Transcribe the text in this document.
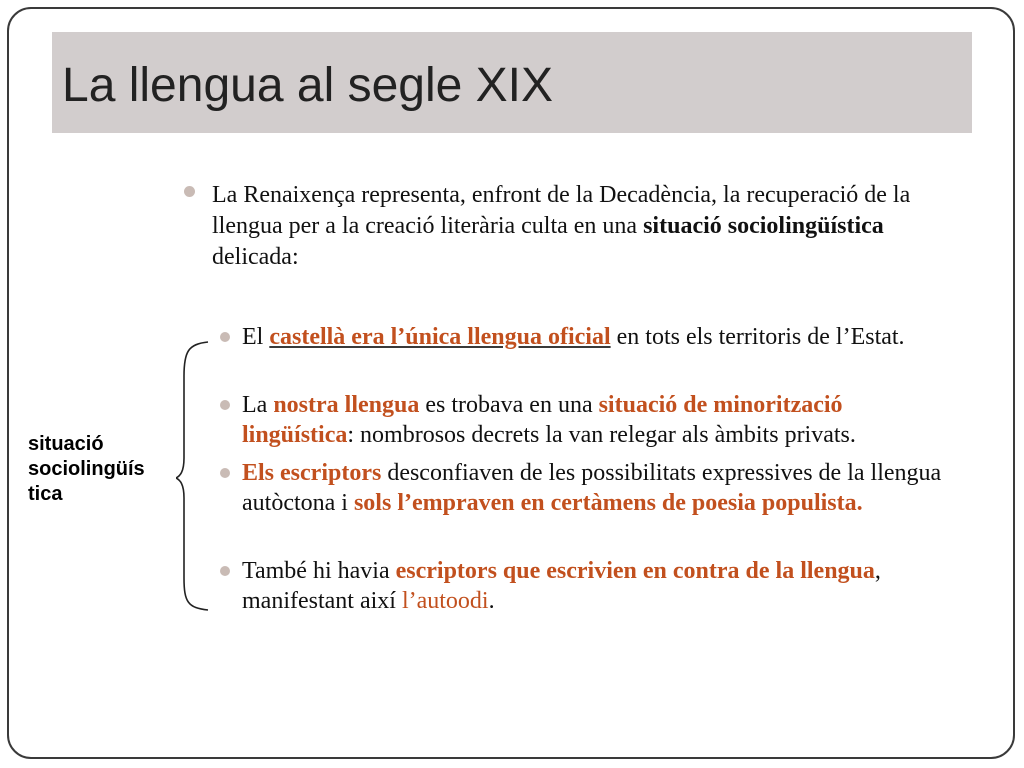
La llengua al segle XIX

La Renaixença representa, enfront de la Decadència, la recuperació de la llengua per a la creació literària culta en una situació sociolingüística delicada:

El castellà era l’única llengua oficial en tots els territoris de l’Estat.

La nostra llengua es trobava en una situació de minorització lingüística: nombrosos decrets la van relegar als àmbits privats.

Els escriptors desconfiaven de les possibilitats expressives de la llengua autòctona i sols l’empraven en certàmens de poesia populista.

També hi havia escriptors que escrivien en contra de la llengua, manifestant així l’autoodi.

situació
sociolingüís
tica
